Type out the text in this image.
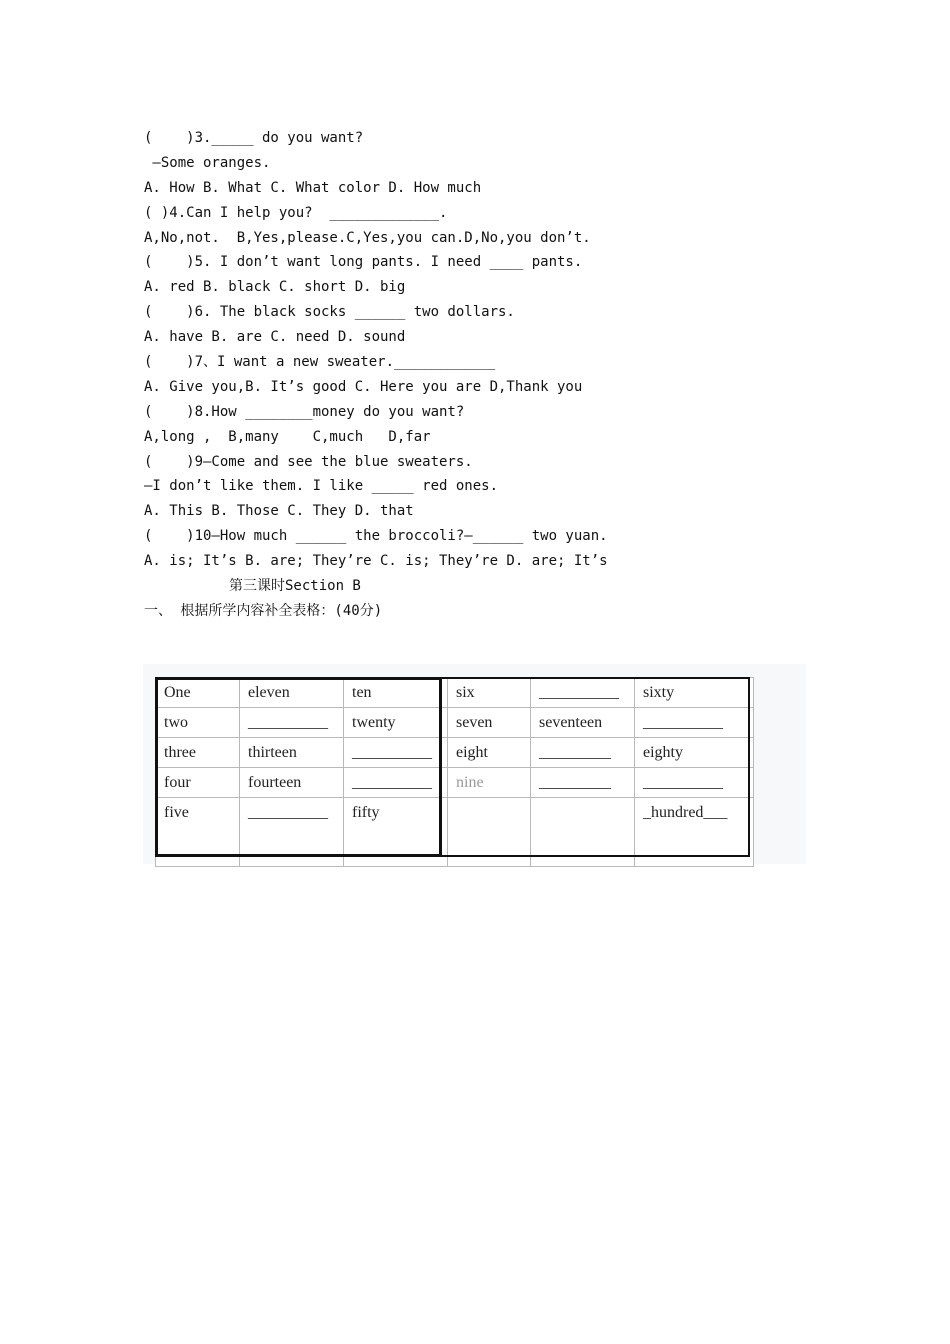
(    )3._____ do you want?
—Some oranges.
A. How B. What C. What color D. How much
( )4.Can I help you?  _____________.
A,No,not.  B,Yes,please.C,Yes,you can.D,No,you don’t.
(    )5. I don’t want long pants. I need ____ pants.
A. red B. black C. short D. big
(    )6. The black socks ______ two dollars.
A. have B. are C. need D. sound
(    )7、I want a new sweater.____________
A. Give you,B. It’s good C. Here you are D,Thank you
(    )8.How ________money do you want?
A,long ,  B,many    C,much   D,far
(    )9—Come and see the blue sweaters.
—I don’t like them. I like _____ red ones.
A. This B. Those C. They D. that
(    )10—How much ______ the broccoli?—______ two yuan.
A. is; It’s B. are; They’re C. is; They’re D. are; It’s
第三课时Section B
一、 根据所学内容补全表格：(40分)
One	eleven	ten	six	__________	sixty
two	__________	twenty	seven	seventeen	__________
three	thirteen	__________	eight	_________	eighty
four	fourteen	__________	nine	_________	__________
five	__________	fifty			_hundred___
